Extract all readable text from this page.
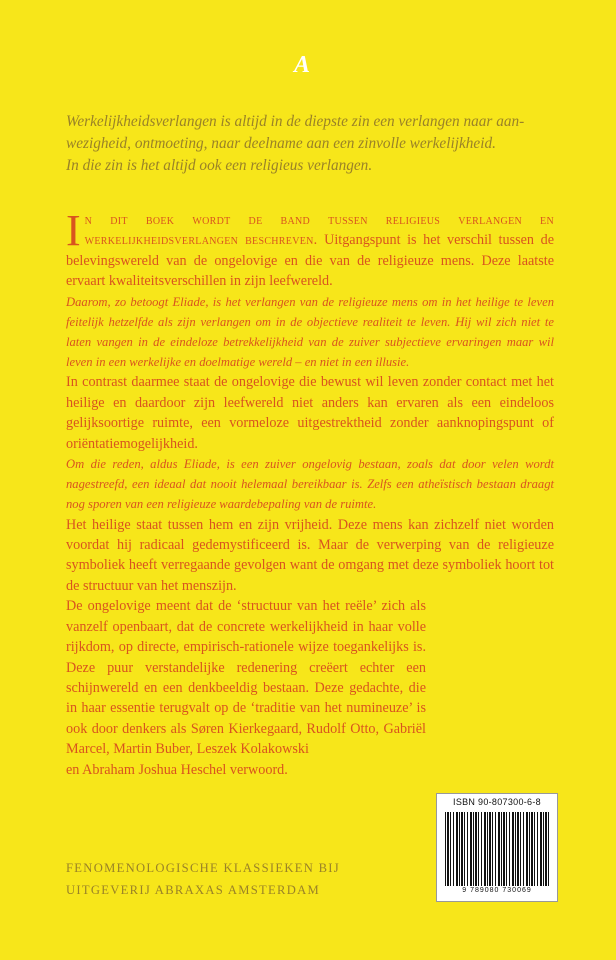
A

Werkelijkheidsverlangen is altijd in de diepste zin een verlangen naar aan-

wezigheid, ontmoeting, naar deelname aan een zinvolle werkelijkheid.

In die zin is het altijd ook een religieus verlangen.

In dit boek wordt de band tussen religieus verlangen en werkelijkheidsverlangen beschreven. Uitgangspunt is het verschil tussen de belevingswereld van de ongelovige en die van de religieuze mens. Deze laatste ervaart kwaliteitsverschillen in zijn leefwereld.

Daarom, zo betoogt Eliade, is het verlangen van de religieuze mens om in het heilige te leven feitelijk hetzelfde als zijn verlangen om in de objectieve realiteit te leven. Hij wil zich niet te laten vangen in de eindeloze betrekkelijkheid van de zuiver subjectieve ervaringen maar wil leven in een werkelijke en doelmatige wereld – en niet in een illusie.

In contrast daarmee staat de ongelovige die bewust wil leven zonder contact met het heilige en daardoor zijn leefwereld niet anders kan ervaren als een eindeloos gelijksoortige ruimte, een vormeloze uitgestrektheid zonder aanknopingspunt of oriëntatiemogelijkheid.

Om die reden, aldus Eliade, is een zuiver ongelovig bestaan, zoals dat door velen wordt nagestreefd, een ideaal dat nooit helemaal bereikbaar is. Zelfs een atheïstisch bestaan draagt nog sporen van een religieuze waardebepaling van de ruimte.

Het heilige staat tussen hem en zijn vrijheid. Deze mens kan zichzelf niet worden voordat hij radicaal gedemystificeerd is. Maar de verwerping van de religieuze symboliek heeft verregaande gevolgen want de omgang met deze symboliek hoort tot de structuur van het menszijn.

De ongelovige meent dat de ‘structuur van het reële’ zich als vanzelf openbaart, dat de concrete werkelijkheid in haar volle rijkdom, op directe, empirisch-rationele wijze toegankelijks is. Deze puur verstandelijke redenering creëert echter een schijnwereld en een denkbeeldig bestaan. Deze gedachte, die in haar essentie terugvalt op de ‘traditie van het numineuze’ is ook door denkers als Søren Kierkegaard, Rudolf Otto, Gabriël Marcel, Martin Buber, Leszek Kolakowski

en Abraham Joshua Heschel verwoord.

ISBN 90-807300-6-8
9 789080 730069

FENOMENOLOGISCHE KLASSIEKEN BIJ

UITGEVERIJ ABRAXAS AMSTERDAM
